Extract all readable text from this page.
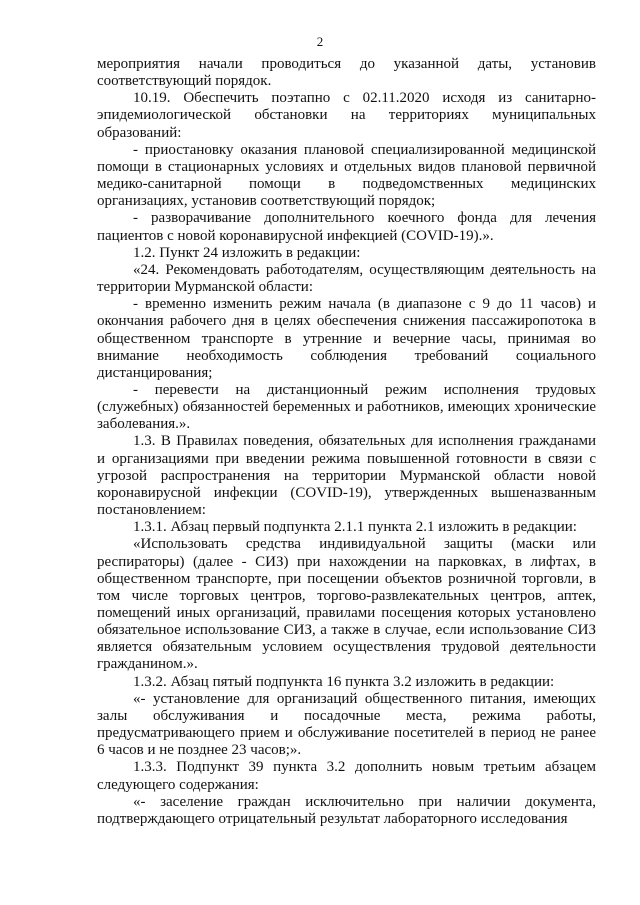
2

мероприятия начали проводиться до указанной даты, установив соответствующий порядок.

10.19. Обеспечить поэтапно с 02.11.2020 исходя из санитарно-эпидемиологической обстановки на территориях муниципальных образований:

- приостановку оказания плановой специализированной медицинской помощи в стационарных условиях и отдельных видов плановой первичной медико-санитарной помощи в подведомственных медицинских организациях, установив соответствующий порядок;

- разворачивание дополнительного коечного фонда для лечения пациентов с новой коронавирусной инфекцией (COVID-19).».

1.2. Пункт 24 изложить в редакции:

«24. Рекомендовать работодателям, осуществляющим деятельность на территории Мурманской области:

- временно изменить режим начала (в диапазоне с 9 до 11 часов) и окончания рабочего дня в целях обеспечения снижения пассажиропотока в общественном транспорте в утренние и вечерние часы, принимая во внимание необходимость соблюдения требований социального дистанцирования;

- перевести на дистанционный режим исполнения трудовых (служебных) обязанностей беременных и работников, имеющих хронические заболевания.».

1.3. В Правилах поведения, обязательных для исполнения гражданами и организациями при введении режима повышенной готовности в связи с угрозой распространения на территории Мурманской области новой коронавирусной инфекции (COVID-19), утвержденных вышеназванным постановлением:

1.3.1. Абзац первый подпункта 2.1.1 пункта 2.1 изложить в редакции:

«Использовать средства индивидуальной защиты (маски или респираторы) (далее - СИЗ) при нахождении на парковках, в лифтах, в общественном транспорте, при посещении объектов розничной торговли, в том числе торговых центров, торгово-развлекательных центров, аптек, помещений иных организаций, правилами посещения которых установлено обязательное использование СИЗ, а также в случае, если использование СИЗ является обязательным условием осуществления трудовой деятельности гражданином.».

1.3.2. Абзац пятый подпункта 16 пункта 3.2 изложить в редакции:

«- установление для организаций общественного питания, имеющих залы обслуживания и посадочные места, режима работы, предусматривающего прием и обслуживание посетителей в период не ранее 6 часов и не позднее 23 часов;».

1.3.3. Подпункт 39 пункта 3.2 дополнить новым третьим абзацем следующего содержания:

«- заселение граждан исключительно при наличии документа, подтверждающего отрицательный результат лабораторного исследования
